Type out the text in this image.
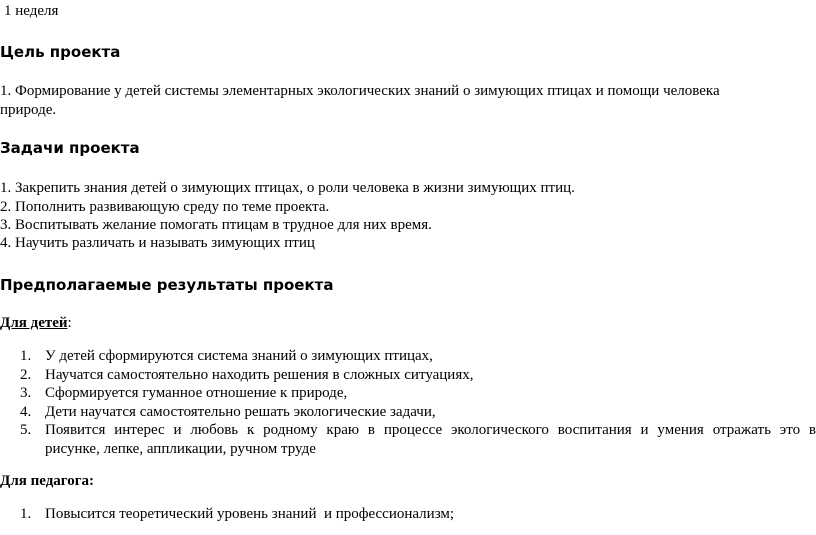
1 неделя
Цель проекта
1. Формирование у детей системы элементарных экологических знаний о зимующих птицах и помощи человека
природе.
Задачи проекта
1. Закрепить знания детей о зимующих птицах, о роли человека в жизни зимующих птиц.
2. Пополнить развивающую среду по теме проекта.
3. Воспитывать желание помогать птицам в трудное для них время.
4. Научить различать и называть зимующих птиц
Предполагаемые результаты проекта
Для детей:
1. У детей сформируются система знаний о зимующих птицах,
2. Научатся самостоятельно находить решения в сложных ситуациях,
3. Сформируется гуманное отношение к природе,
4. Дети научатся самостоятельно решать экологические задачи,
5. Появится интерес и любовь к родному краю в процессе экологического воспитания и умения отражать это в
рисунке, лепке, аппликации, ручном труде
Для педагога:
1. Повысится теоретический уровень знаний  и профессионализм;
